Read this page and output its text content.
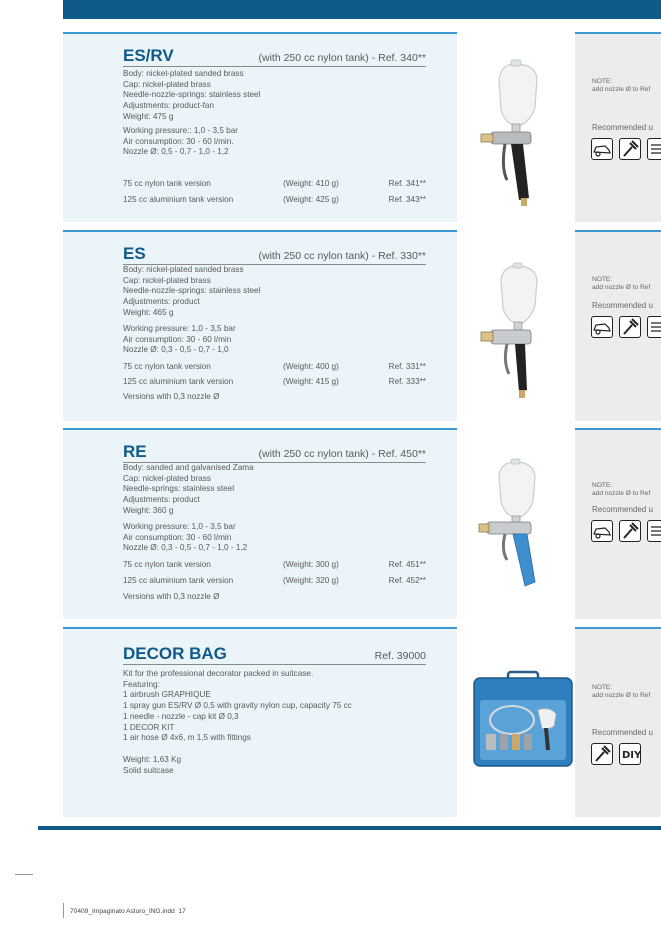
ES/RV	(with 250 cc nylon tank) - Ref. 340**
Body: nickel-plated sanded brass
Cap: nickel-plated brass
Needle-nozzle-springs: stainless steel
Adjustments: product-fan
Weight: 475 g
Working pressure:: 1,0 - 3,5 bar
Air consumption: 30 - 60 l/min.
Nozzle Ø: 0,5 - 0,7 - 1,0 - 1,2
75 cc nylon tank version	(Weight: 410 g)	Ref. 341**
125 cc aluminium tank version	(Weight: 425 g)	Ref. 343**
ES	(with 250 cc nylon tank) - Ref. 330**
Body: nickel-plated sanded brass
Cap: nickel-plated brass
Needle-nozzle-springs: stainless steel
Adjustments: product
Weight: 465 g
Working pressure: 1,0 - 3,5 bar
Air consumption: 30 - 60 l/min
Nozzle Ø: 0,3 - 0,5 - 0,7 - 1,0
75 cc nylon tank version	(Weight: 400 g)	Ref. 331**
125 cc aluminium tank version	(Weight: 415 g)	Ref. 333**
Versions with 0,3 nozzle Ø
RE	(with 250 cc nylon tank) - Ref. 450**
Body: sanded and galvanised Zama
Cap: nickel-plated brass
Needle-springs: stainless steel
Adjustments: product
Weight: 360 g
Working pressure: 1,0 - 3,5 bar
Air consumption: 30 - 60 l/min
Nozzle Ø: 0,3 - 0,5 - 0,7 - 1,0 - 1,2
75 cc nylon tank version	(Weight: 300 g)	Ref. 451**
125 cc aluminium tank version	(Weight: 320 g)	Ref. 452**
Versions with 0,3 nozzle Ø
DECOR BAG	Ref. 39000
Kit for the professional decorator packed in suitcase.
Featuring:
1 airbrush GRAPHIQUE
1 spray gun ES/RV Ø 0,5 with gravity nylon cup, capacity 75 cc
1 needle - nozzle - cap kit Ø 0,3
1 DECOR KIT
1 air hose Ø 4x6, m 1,5 with fittings
Weight: 1,63 Kg
Solid suitcase
NOTE:
add nozzle Ø to Ref
Recommended u
NOTE:
add nozzle Ø to Ref
Recommended u
NOTE:
add nozzle Ø to Ref
Recommended u
NOTE:
add nozzle Ø to Ref
Recommended u
DIY
70409_Impaginato Asturo_ING.indd 17
